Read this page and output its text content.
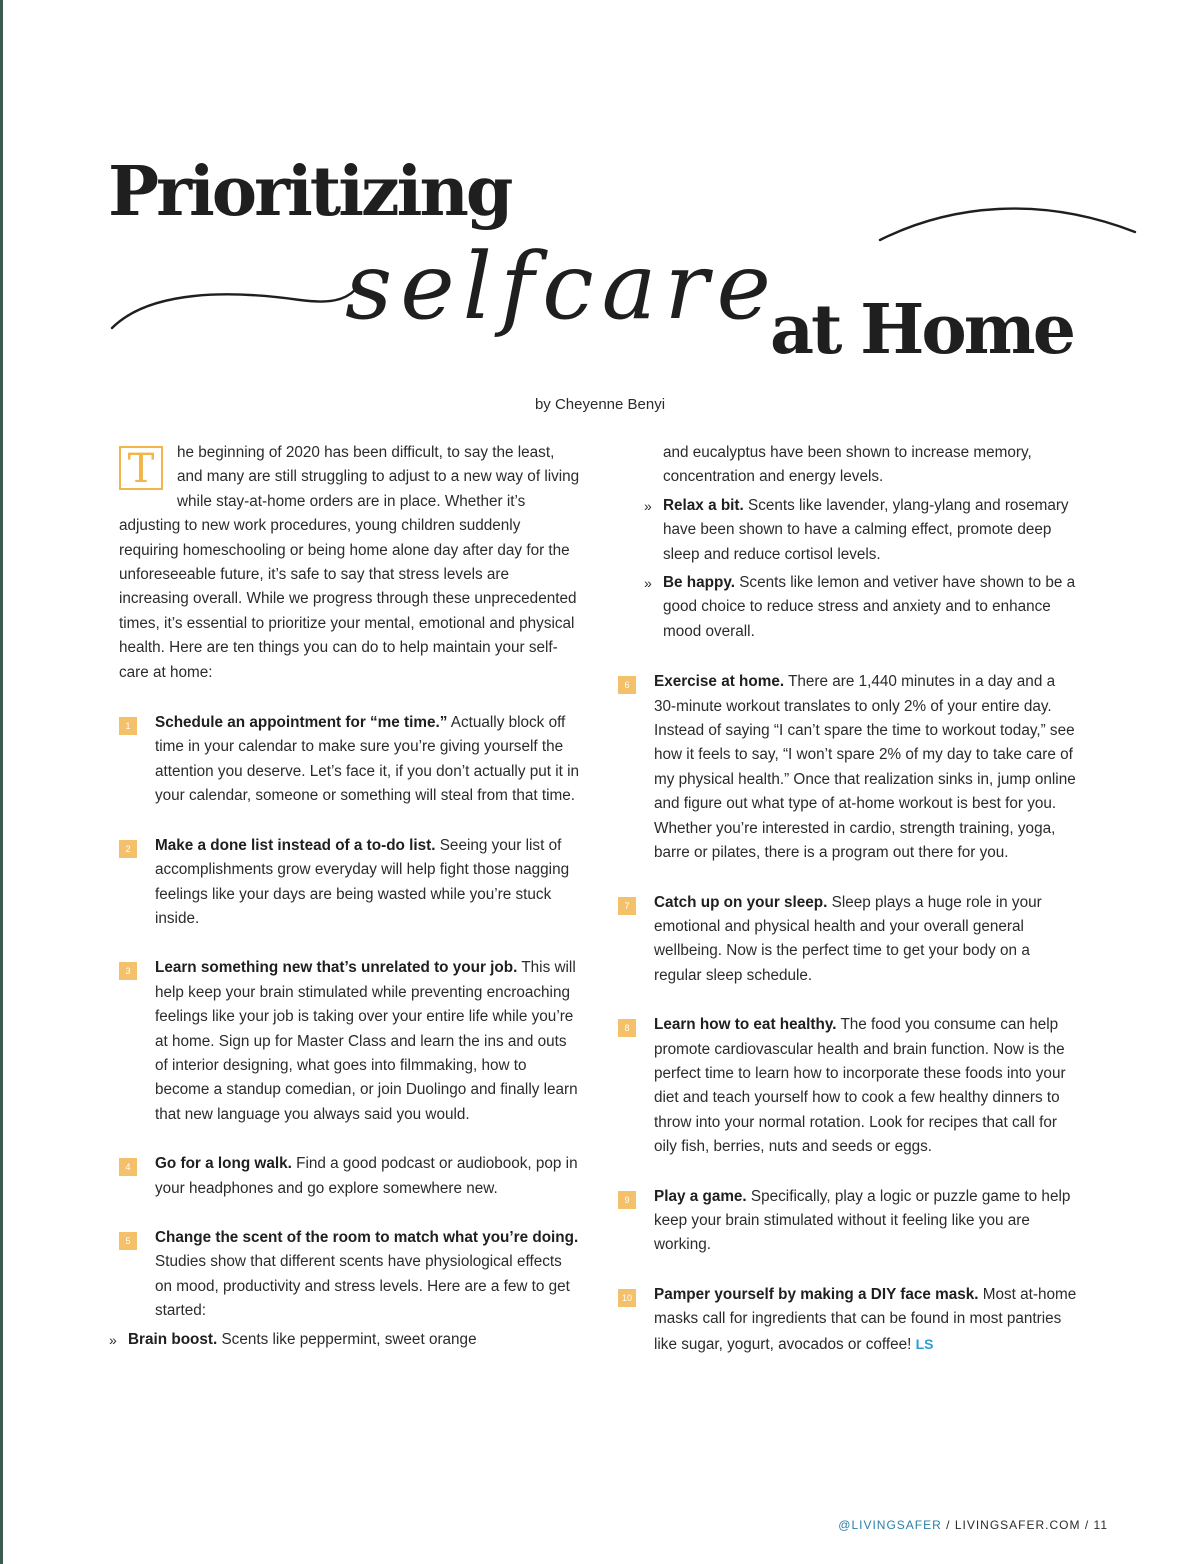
selfcare
Prioritizing
at Home
by Cheyenne Benyi

T	he beginning of 2020 has been difficult, to say the least, and many are still struggling to adjust to a new way of living while stay-at-home orders are in place. Whether it’s adjusting to new work procedures, young children suddenly requiring homeschooling or being home alone day after day for the unforeseeable future, it’s safe to say that stress levels are increasing overall. While we progress through these unprecedented times, it’s essential to prioritize your mental, emotional and physical health. Here are ten things you can do to help maintain your self-care at home:

1	Schedule an appointment for “me time.” Actually block off time in your calendar to make sure you’re giving yourself the attention you deserve. Let’s face it, if you don’t actually put it in your calendar, someone or something will steal from that time.
2	Make a done list instead of a to-do list. Seeing your list of accomplishments grow everyday will help fight those nagging feelings like your days are being wasted while you’re stuck inside.
3	Learn something new that’s unrelated to your job. This will help keep your brain stimulated while preventing encroaching feelings like your job is taking over your entire life while you’re at home. Sign up for Master Class and learn the ins and outs of interior designing, what goes into filmmaking, how to become a standup comedian, or join Duolingo and finally learn that new language you always said you would.
4	Go for a long walk. Find a good podcast or audiobook, pop in your headphones and go explore somewhere new.
5	Change the scent of the room to match what you’re doing. Studies show that different scents have physiological effects on mood, productivity and stress levels. Here are a few to get started:
» Brain boost. Scents like peppermint, sweet orange

and eucalyptus have been shown to increase memory, concentration and energy levels.

» Relax a bit. Scents like lavender, ylang-ylang and rosemary have been shown to have a calming effect, promote deep sleep and reduce cortisol levels.
» Be happy. Scents like lemon and vetiver have shown to be a good choice to reduce stress and anxiety and to enhance mood overall.
6	Exercise at home. There are 1,440 minutes in a day and a 30-minute workout translates to only 2% of your entire day. Instead of saying “I can’t spare the time to workout today,” see how it feels to say, “I won’t spare 2% of my day to take care of my physical health.” Once that realization sinks in, jump online and figure out what type of at-home workout is best for you. Whether you’re interested in cardio, strength training, yoga, barre or pilates, there is a program out there for you.
7	Catch up on your sleep. Sleep plays a huge role in your emotional and physical health and your overall general wellbeing. Now is the perfect time to get your body on a regular sleep schedule.
8	Learn how to eat healthy. The food you consume can help promote cardiovascular health and brain function. Now is the perfect time to learn how to incorporate these foods into your diet and teach yourself how to cook a few healthy dinners to throw into your normal rotation. Look for recipes that call for oily fish, berries, nuts and seeds or eggs.
9	Play a game. Specifically, play a logic or puzzle game to help keep your brain stimulated without it feeling like you are working.
10 Pamper yourself by making a DIY face mask. Most at-home masks call for ingredients that can be found in most pantries like sugar, yogurt, avocados or coffee! LS
@LIVINGSAFER / LIVINGSAFER.COM / 11
